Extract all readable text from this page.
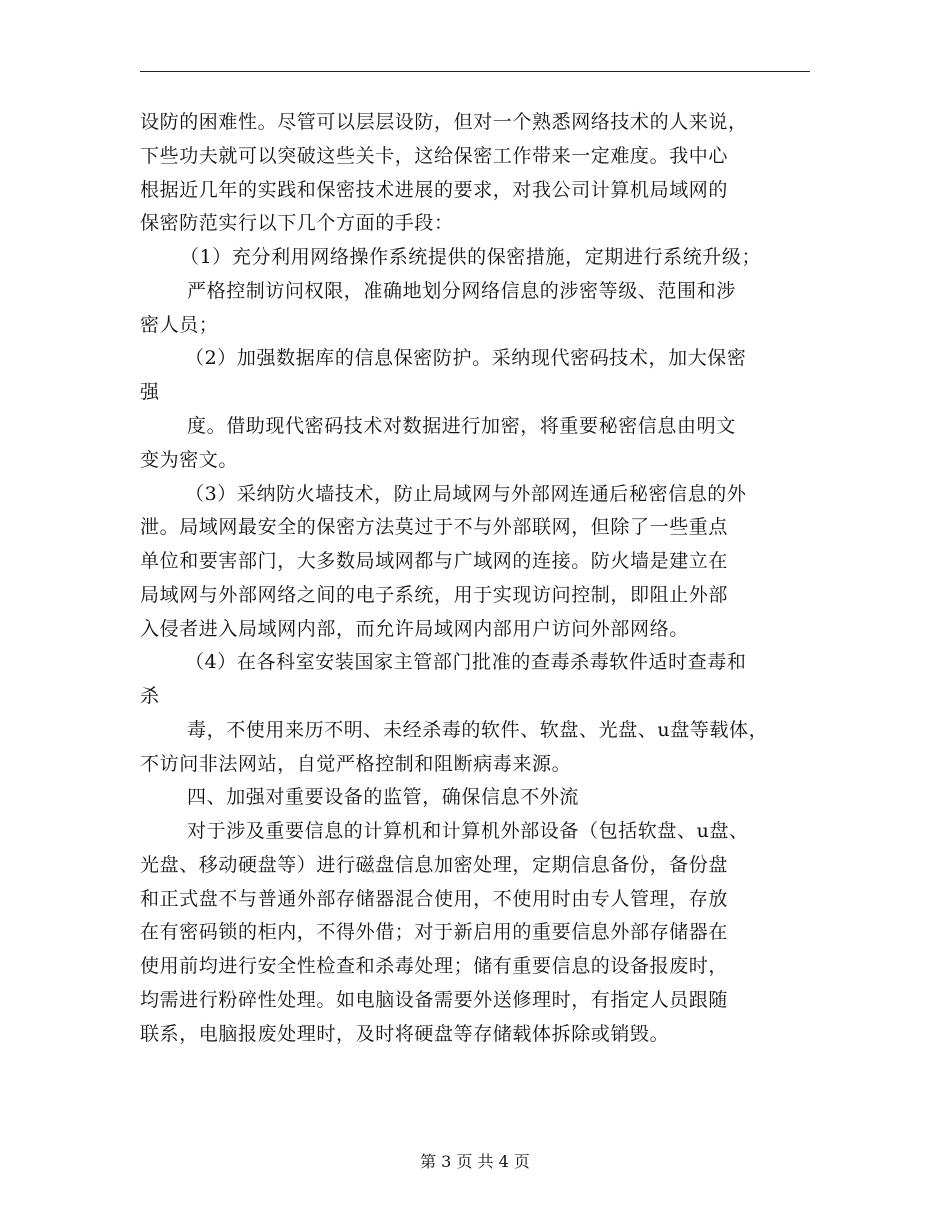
设防的困难性。尽管可以层层设防，但对一个熟悉网络技术的人来说，
下些功夫就可以突破这些关卡，这给保密工作带来一定难度。我中心
根据近几年的实践和保密技术进展的要求，对我公司计算机局域网的
保密防范实行以下几个方面的手段：
（1）充分利用网络操作系统提供的保密措施，定期进行系统升级；
严格控制访问权限，准确地划分网络信息的涉密等级、范围和涉
密人员；
（2）加强数据库的信息保密防护。采纳现代密码技术，加大保密
强
度。借助现代密码技术对数据进行加密，将重要秘密信息由明文
变为密文。
（3）采纳防火墙技术，防止局域网与外部网连通后秘密信息的外
泄。局域网最安全的保密方法莫过于不与外部联网，但除了一些重点
单位和要害部门，大多数局域网都与广域网的连接。防火墙是建立在
局域网与外部网络之间的电子系统，用于实现访问控制，即阻止外部
入侵者进入局域网内部，而允许局域网内部用户访问外部网络。
（4）在各科室安装国家主管部门批准的查毒杀毒软件适时查毒和
杀
毒，不使用来历不明、未经杀毒的软件、软盘、光盘、u盘等载体，
不访问非法网站，自觉严格控制和阻断病毒来源。
四、加强对重要设备的监管，确保信息不外流
对于涉及重要信息的计算机和计算机外部设备（包括软盘、u盘、
光盘、移动硬盘等）进行磁盘信息加密处理，定期信息备份，备份盘
和正式盘不与普通外部存储器混合使用，不使用时由专人管理，存放
在有密码锁的柜内，不得外借；对于新启用的重要信息外部存储器在
使用前均进行安全性检查和杀毒处理；储有重要信息的设备报废时，
均需进行粉碎性处理。如电脑设备需要外送修理时，有指定人员跟随
联系，电脑报废处理时，及时将硬盘等存储载体拆除或销毁。
第 3 页 共 4 页
